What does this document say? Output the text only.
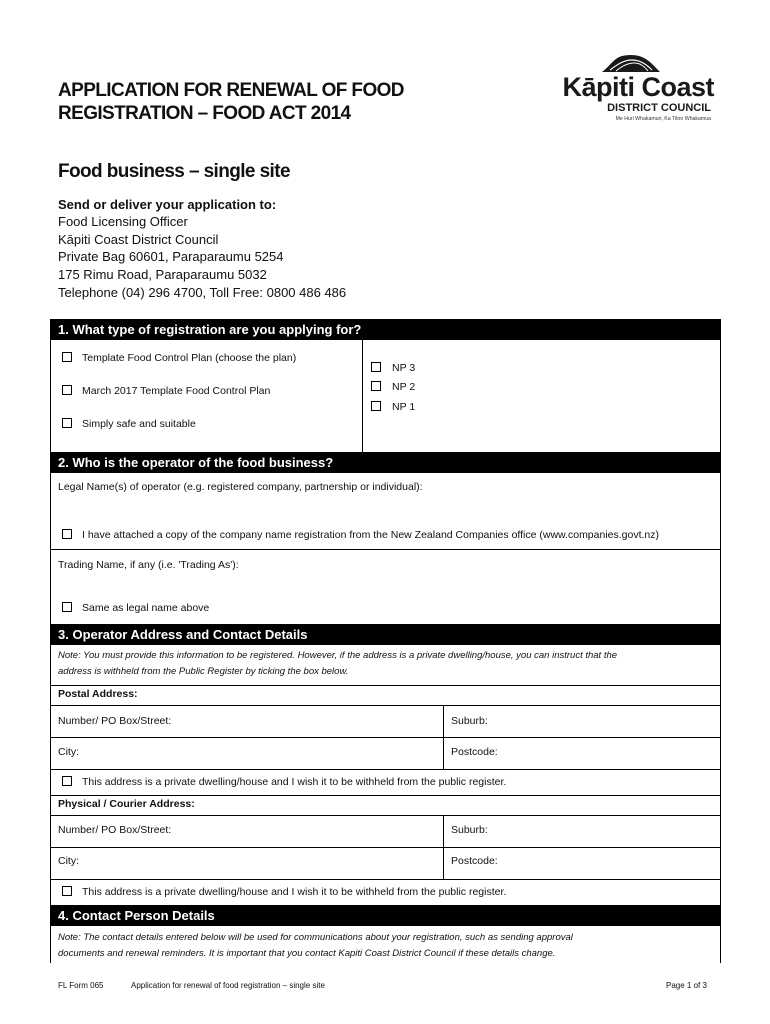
APPLICATION FOR RENEWAL OF FOOD
REGISTRATION – FOOD ACT 2014
Kāpiti Coast
DISTRICT COUNCIL
Me Huri Whakamuri, Ka Titiro Whakamua
Food business – single site
Send or deliver your application to:
Food Licensing Officer
Kāpiti Coast District Council
Private Bag 60601, Paraparaumu 5254
175 Rimu Road, Paraparaumu 5032
Telephone (04) 296 4700, Toll Free: 0800 486 486
1. What type of registration are you applying for?
Template Food Control Plan (choose the plan)
March 2017 Template Food Control Plan
Simply safe and suitable
NP 3
NP 2
NP 1
2. Who is the operator of the food business?
Legal Name(s) of operator (e.g. registered company, partnership or individual):
I have attached a copy of the company name registration from the New Zealand Companies office (www.companies.govt.nz)
Trading Name, if any (i.e. 'Trading As'):
Same as legal name above
3. Operator Address and Contact Details
Note: You must provide this information to be registered. However, if the address is a private dwelling/house, you can instruct that the
address is withheld from the Public Register by ticking the box below.
Postal Address:
Number/ PO Box/Street:	Suburb:
City:	Postcode:
This address is a private dwelling/house and I wish it to be withheld from the public register.
Physical / Courier Address:
Number/ PO Box/Street:	Suburb:
City:	Postcode:
This address is a private dwelling/house and I wish it to be withheld from the public register.
4. Contact Person Details
Note: The contact details entered below will be used for communications about your registration, such as sending approval
documents and renewal reminders. It is important that you contact Kapiti Coast District Council if these details change.
FL Form 065	Application for renewal of food registration – single site	Page 1 of 3
